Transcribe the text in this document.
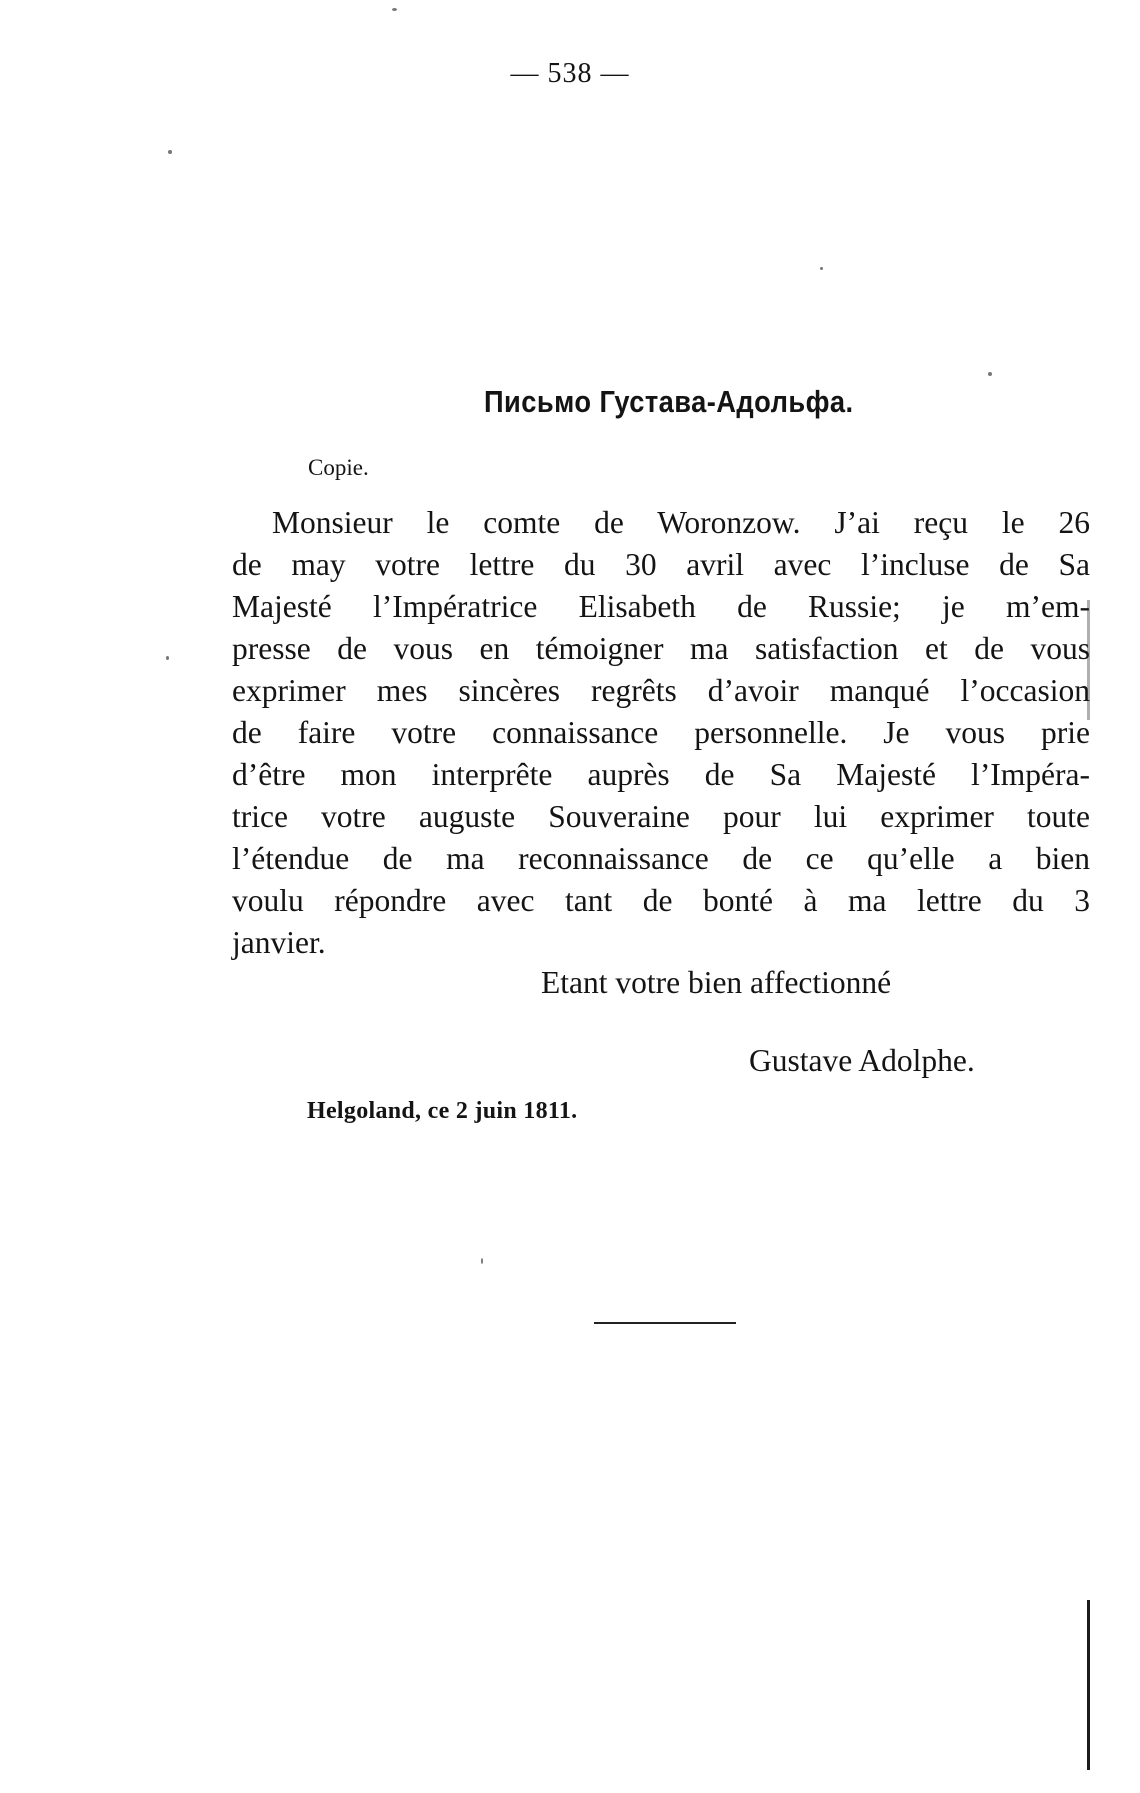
— 538 —
Письмо Густава-Адольфа.
Copie.
Monsieur le comte de Woronzow. J’ai reçu le 26
de may votre lettre du 30 avril avec l’incluse de Sa
Majesté l’Impératrice Elisabeth de Russie; je m’em-
presse de vous en témoigner ma satisfaction et de vous
exprimer mes sincères regrêts d’avoir manqué l’occasion
de faire votre connaissance personnelle. Je vous prie
d’être mon interprête auprès de Sa Majesté l’Impéra-
trice votre auguste Souveraine pour lui exprimer toute
l’étendue de ma reconnaissance de ce qu’elle a bien
voulu répondre avec tant de bonté à ma lettre du 3
janvier.
Etant votre bien affectionné
Gustave Adolphe.
Helgoland, ce 2 juin 1811.
